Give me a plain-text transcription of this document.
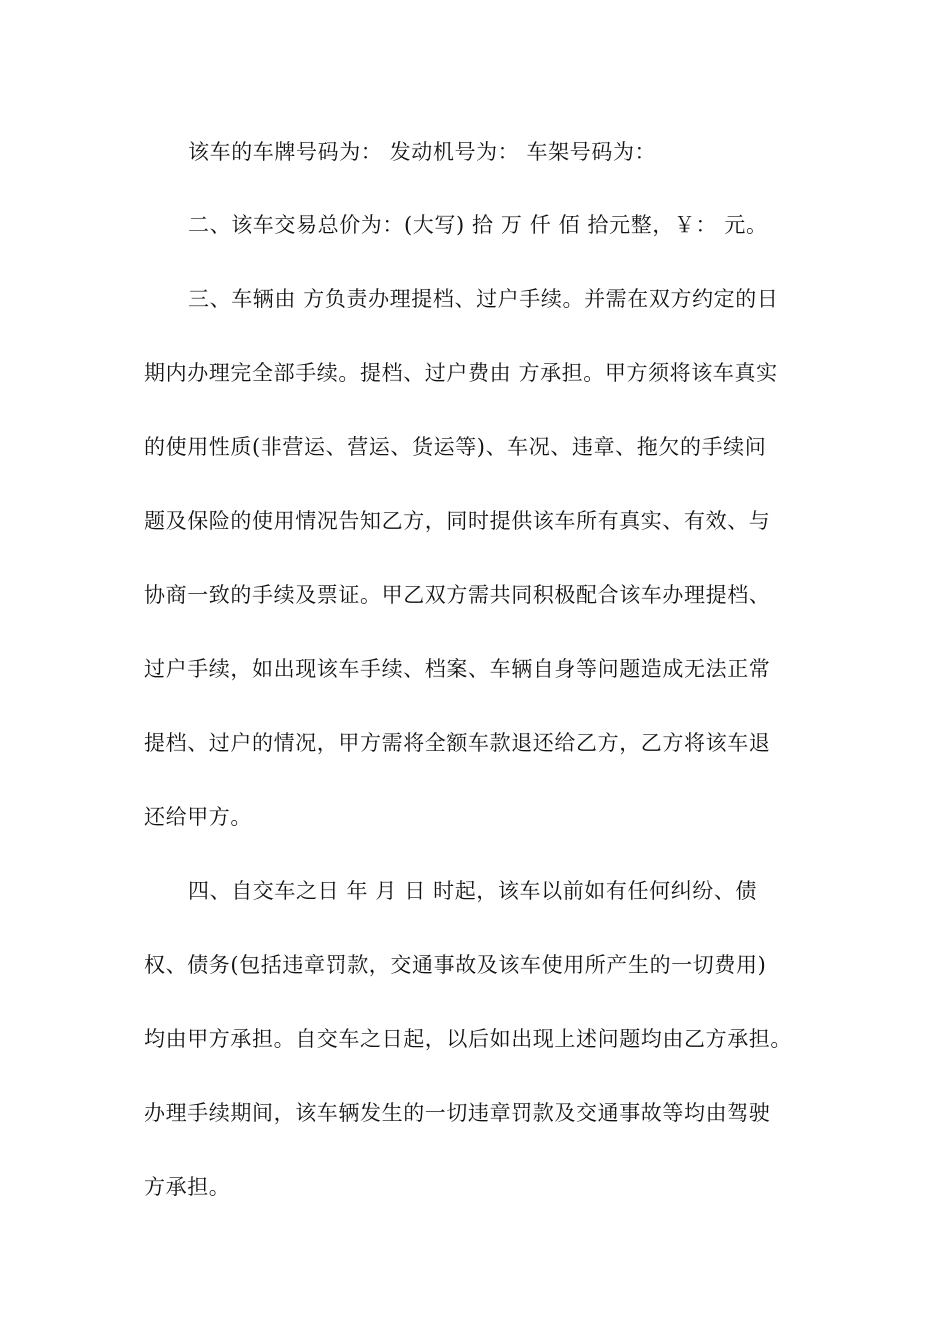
该车的车牌号码为： 发动机号为： 车架号码为：
二、该车交易总价为：(大写) 拾 万 仟 佰 拾元整，￥： 元。
三、车辆由 方负责办理提档、过户手续。并需在双方约定的日
期内办理完全部手续。提档、过户费由 方承担。甲方须将该车真实
的使用性质(非营运、营运、货运等)、车况、违章、拖欠的手续问
题及保险的使用情况告知乙方，同时提供该车所有真实、有效、与
协商一致的手续及票证。甲乙双方需共同积极配合该车办理提档、
过户手续，如出现该车手续、档案、车辆自身等问题造成无法正常
提档、过户的情况，甲方需将全额车款退还给乙方，乙方将该车退
还给甲方。
四、自交车之日 年 月 日 时起，该车以前如有任何纠纷、债
权、债务(包括违章罚款，交通事故及该车使用所产生的一切费用)
均由甲方承担。自交车之日起，以后如出现上述问题均由乙方承担。
办理手续期间，该车辆发生的一切违章罚款及交通事故等均由驾驶
方承担。
